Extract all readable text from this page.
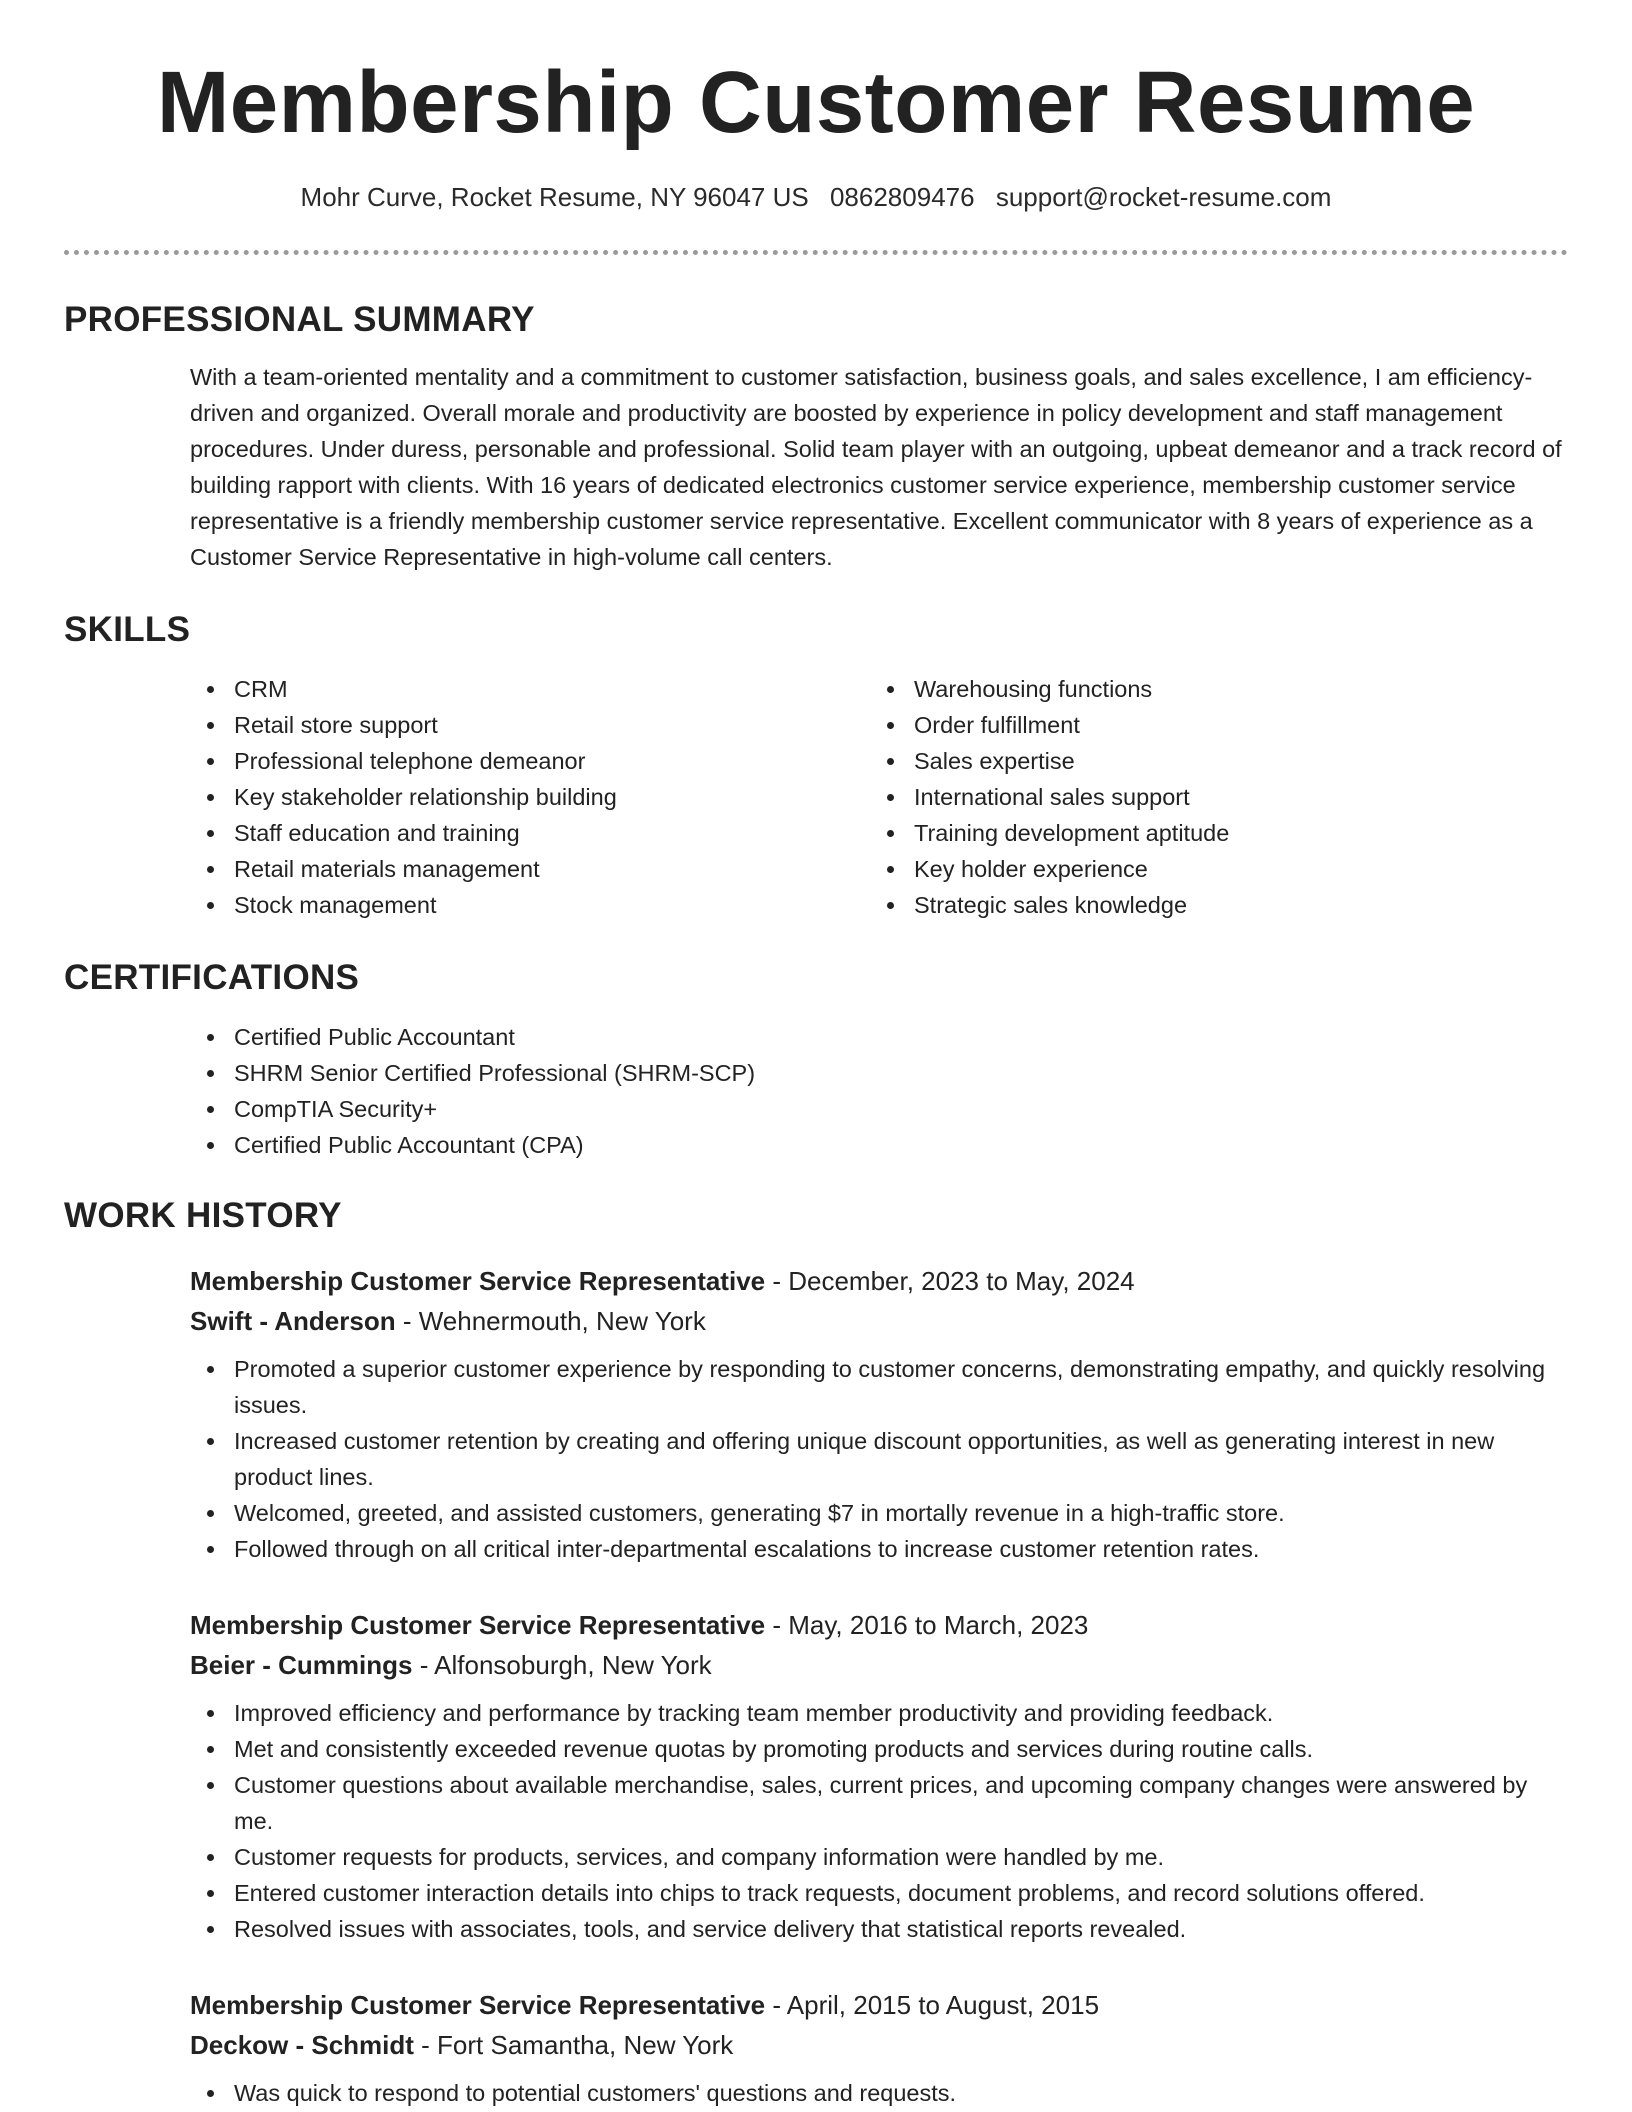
Membership Customer Resume
Mohr Curve, Rocket Resume, NY 96047 US 0862809476 support@rocket-resume.com
PROFESSIONAL SUMMARY

With a team-oriented mentality and a commitment to customer satisfaction, business goals, and sales excellence, I am efficiency-driven and organized. Overall morale and productivity are boosted by experience in policy development and staff management procedures. Under duress, personable and professional. Solid team player with an outgoing, upbeat demeanor and a track record of building rapport with clients. With 16 years of dedicated electronics customer service experience, membership customer service representative is a friendly membership customer service representative. Excellent communicator with 8 years of experience as a Customer Service Representative in high-volume call centers.

SKILLS
CRM
Retail store support
Professional telephone demeanor
Key stakeholder relationship building
Staff education and training
Retail materials management
Stock management
Warehousing functions
Order fulfillment
Sales expertise
International sales support
Training development aptitude
Key holder experience
Strategic sales knowledge
CERTIFICATIONS
Certified Public Accountant
SHRM Senior Certified Professional (SHRM-SCP)
CompTIA Security+
Certified Public Accountant (CPA)
WORK HISTORY
Membership Customer Service Representative - December, 2023 to May, 2024
Swift - Anderson - Wehnermouth, New York
Promoted a superior customer experience by responding to customer concerns, demonstrating empathy, and quickly resolving issues.
Increased customer retention by creating and offering unique discount opportunities, as well as generating interest in new product lines.
Welcomed, greeted, and assisted customers, generating $7 in mortally revenue in a high-traffic store.
Followed through on all critical inter-departmental escalations to increase customer retention rates.
Membership Customer Service Representative - May, 2016 to March, 2023
Beier - Cummings - Alfonsoburgh, New York
Improved efficiency and performance by tracking team member productivity and providing feedback.
Met and consistently exceeded revenue quotas by promoting products and services during routine calls.
Customer questions about available merchandise, sales, current prices, and upcoming company changes were answered by me.
Customer requests for products, services, and company information were handled by me.
Entered customer interaction details into chips to track requests, document problems, and record solutions offered.
Resolved issues with associates, tools, and service delivery that statistical reports revealed.
Membership Customer Service Representative - April, 2015 to August, 2015
Deckow - Schmidt - Fort Samantha, New York
Was quick to respond to potential customers' questions and requests.
